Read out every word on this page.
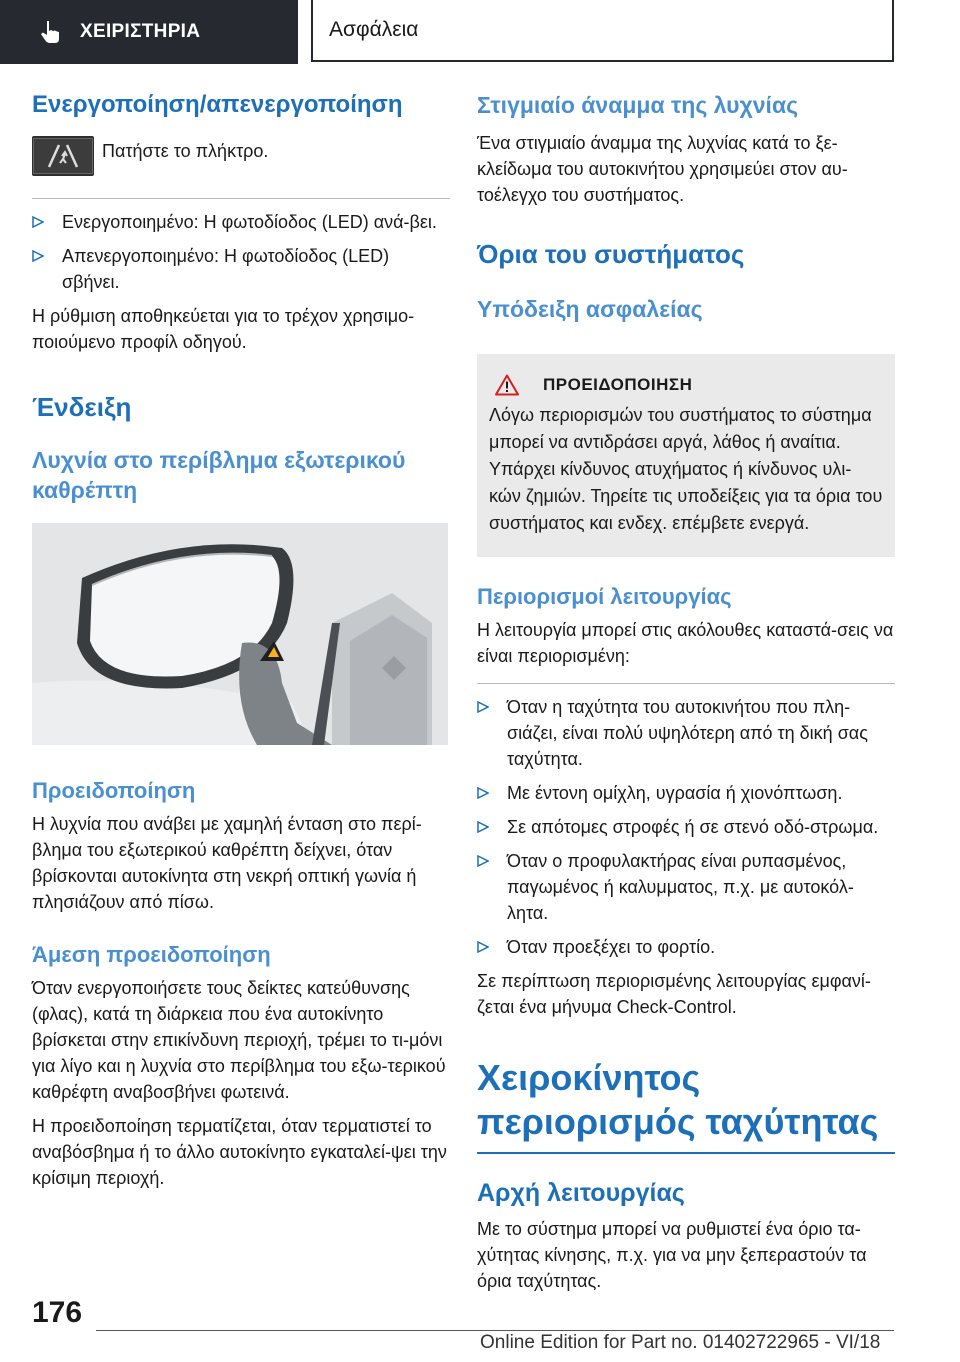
ΧΕΙΡΙΣΤΗΡΙΑ	Ασφάλεια
Ενεργοποίηση/απενεργοποίηση

Πατήστε το πλήκτρο.

Ενεργοποιημένο: Η φωτοδίοδος (LED) ανά-βει.
Απενεργοποιημένο: Η φωτοδίοδος (LED) σβήνει.

Η ρύθμιση αποθηκεύεται για το τρέχον χρησιμο-ποιούμενο προφίλ οδηγού.

Ένδειξη
Λυχνία στο περίβλημα εξωτερικού καθρέπτη
Προειδοποίηση

Η λυχνία που ανάβει με χαμηλή ένταση στο περί-βλημα του εξωτερικού καθρέπτη δείχνει, όταν βρίσκονται αυτοκίνητα στη νεκρή οπτική γωνία ή πλησιάζουν από πίσω.

Άμεση προειδοποίηση

Όταν ενεργοποιήσετε τους δείκτες κατεύθυνσης (φλας), κατά τη διάρκεια που ένα αυτοκίνητο βρίσκεται στην επικίνδυνη περιοχή, τρέμει το τι-μόνι για λίγο και η λυχνία στο περίβλημα του εξω-τερικού καθρέφτη αναβοσβήνει φωτεινά.

Η προειδοποίηση τερματίζεται, όταν τερματιστεί το αναβόσβημα ή το άλλο αυτοκίνητο εγκαταλεί-ψει την κρίσιμη περιοχή.

Στιγμιαίο άναμμα της λυχνίας

Ένα στιγμιαίο άναμμα της λυχνίας κατά το ξε-κλείδωμα του αυτοκινήτου χρησιμεύει στον αυ-τοέλεγχο του συστήματος.

Όρια του συστήματος
Υπόδειξη ασφαλείας
ΠΡΟΕΙΔΟΠΟΙΗΣΗ

Λόγω περιορισμών του συστήματος το σύστημα μπορεί να αντιδράσει αργά, λάθος ή αναίτια. Υπάρχει κίνδυνος ατυχήματος ή κίνδυνος υλι-κών ζημιών. Τηρείτε τις υποδείξεις για τα όρια του συστήματος και ενδεχ. επέμβετε ενεργά.

Περιορισμοί λειτουργίας

Η λειτουργία μπορεί στις ακόλουθες καταστά-σεις να είναι περιορισμένη:

Όταν η ταχύτητα του αυτοκινήτου που πλη-σιάζει, είναι πολύ υψηλότερη από τη δική σας ταχύτητα.
Με έντονη ομίχλη, υγρασία ή χιονόπτωση.
Σε απότομες στροφές ή σε στενό οδό-στρωμα.
Όταν ο προφυλακτήρας είναι ρυπασμένος, παγωμένος ή καλυμματος, π.χ. με αυτοκόλ-λητα.
Όταν προεξέχει το φορτίο.

Σε περίπτωση περιορισμένης λειτουργίας εμφανί-ζεται ένα μήνυμα Check-Control.

Χειροκίνητος περιορισμός ταχύτητας
Αρχή λειτουργίας

Με το σύστημα μπορεί να ρυθμιστεί ένα όριο τα-χύτητας κίνησης, π.χ. για να μην ξεπεραστούν τα όρια ταχύτητας.

176
Online Edition for Part no. 01402722965 - VI/18
